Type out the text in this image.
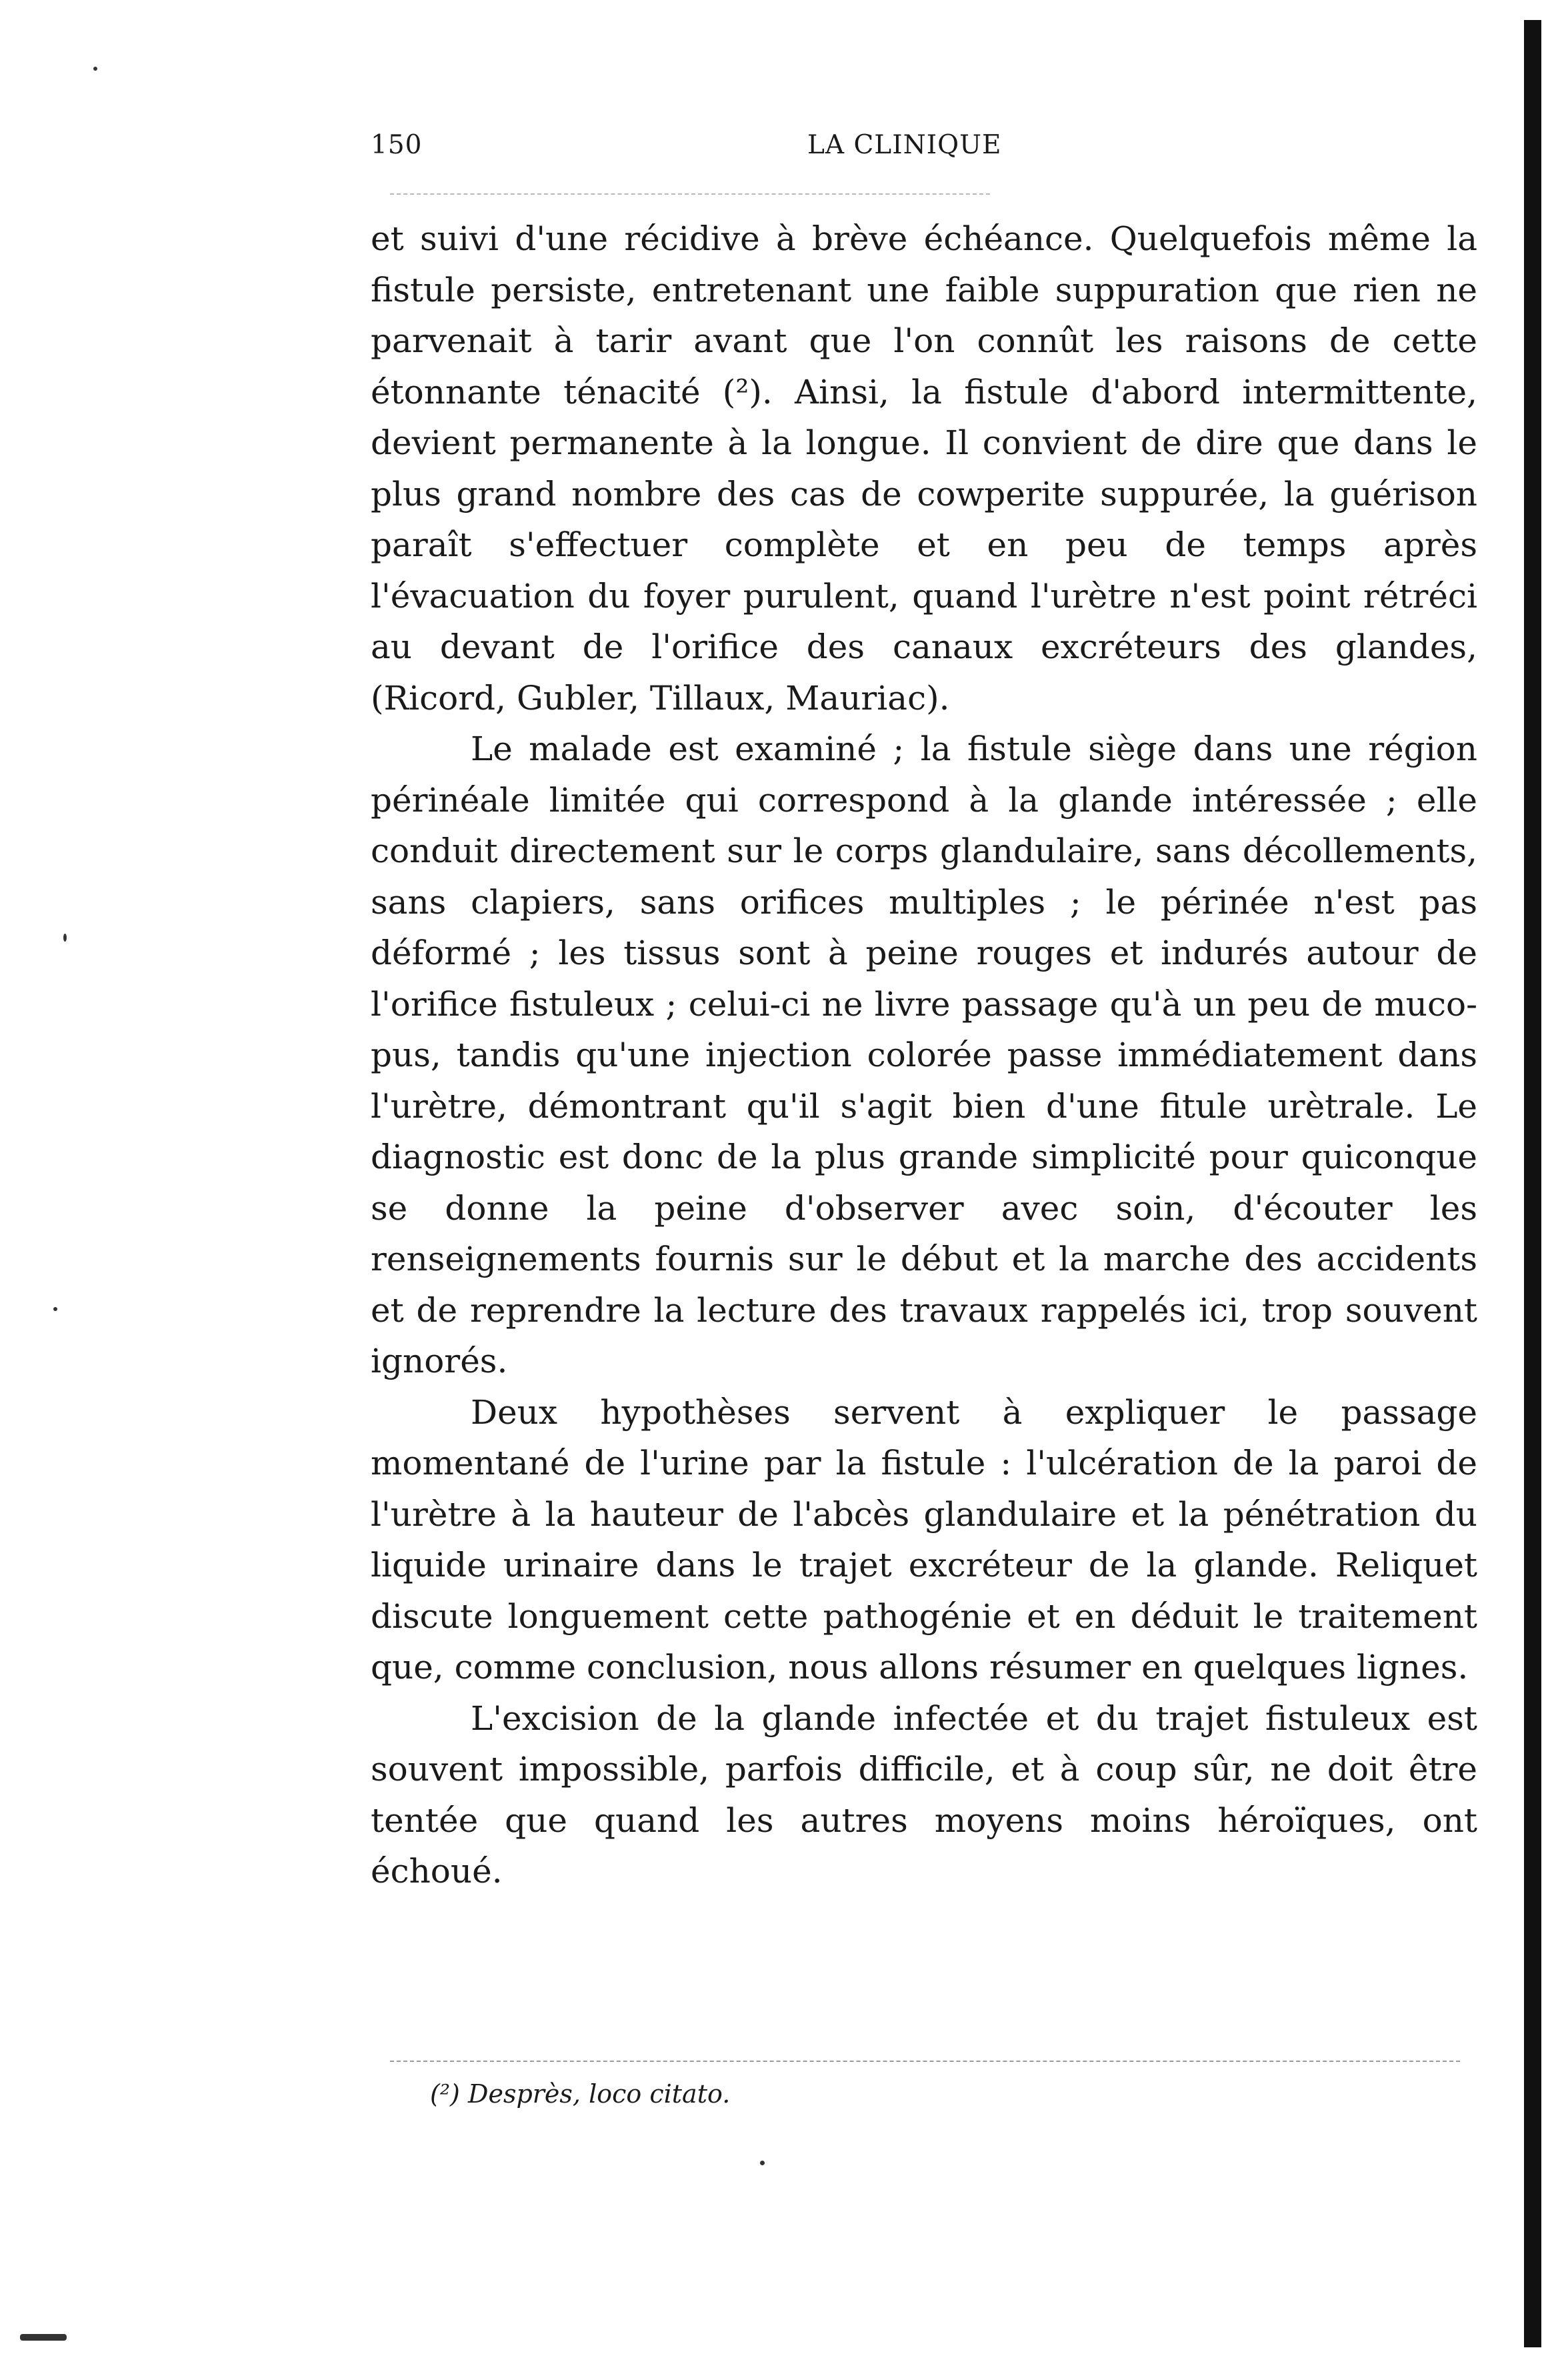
150	LA CLINIQUE

et suivi d'une récidive à brève échéance. Quelquefois même la fistule persiste, entretenant une faible suppuration que rien ne parvenait à tarir avant que l'on connût les raisons de cette étonnante ténacité (²). Ainsi, la fistule d'abord intermittente, devient permanente à la longue. Il convient de dire que dans le plus grand nombre des cas de cowperite suppurée, la guérison paraît s'effectuer complète et en peu de temps après l'évacuation du foyer purulent, quand l'urètre n'est point rétréci au devant de l'orifice des canaux excréteurs des glandes, (Ricord, Gubler, Tillaux, Mauriac).

Le malade est examiné ; la fistule siège dans une région périnéale limitée qui correspond à la glande intéressée ; elle conduit directement sur le corps glandulaire, sans décollements, sans clapiers, sans orifices multiples ; le périnée n'est pas déformé ; les tissus sont à peine rouges et indurés autour de l'orifice fistuleux ; celui-ci ne livre passage qu'à un peu de muco-pus, tandis qu'une injection colorée passe immédiatement dans l'urètre, démontrant qu'il s'agit bien d'une fitule urètrale. Le diagnostic est donc de la plus grande simplicité pour quiconque se donne la peine d'observer avec soin, d'écouter les renseignements fournis sur le début et la marche des accidents et de reprendre la lecture des travaux rappelés ici, trop souvent ignorés.

Deux hypothèses servent à expliquer le passage momentané de l'urine par la fistule : l'ulcération de la paroi de l'urètre à la hauteur de l'abcès glandulaire et la pénétration du liquide urinaire dans le trajet excréteur de la glande. Reliquet discute longuement cette pathogénie et en déduit le traitement que, comme conclusion, nous allons résumer en quelques lignes.

L'excision de la glande infectée et du trajet fistuleux est souvent impossible, parfois difficile, et à coup sûr, ne doit être tentée que quand les autres moyens moins héroïques, ont échoué.

(²) Desprès, loco citato.
